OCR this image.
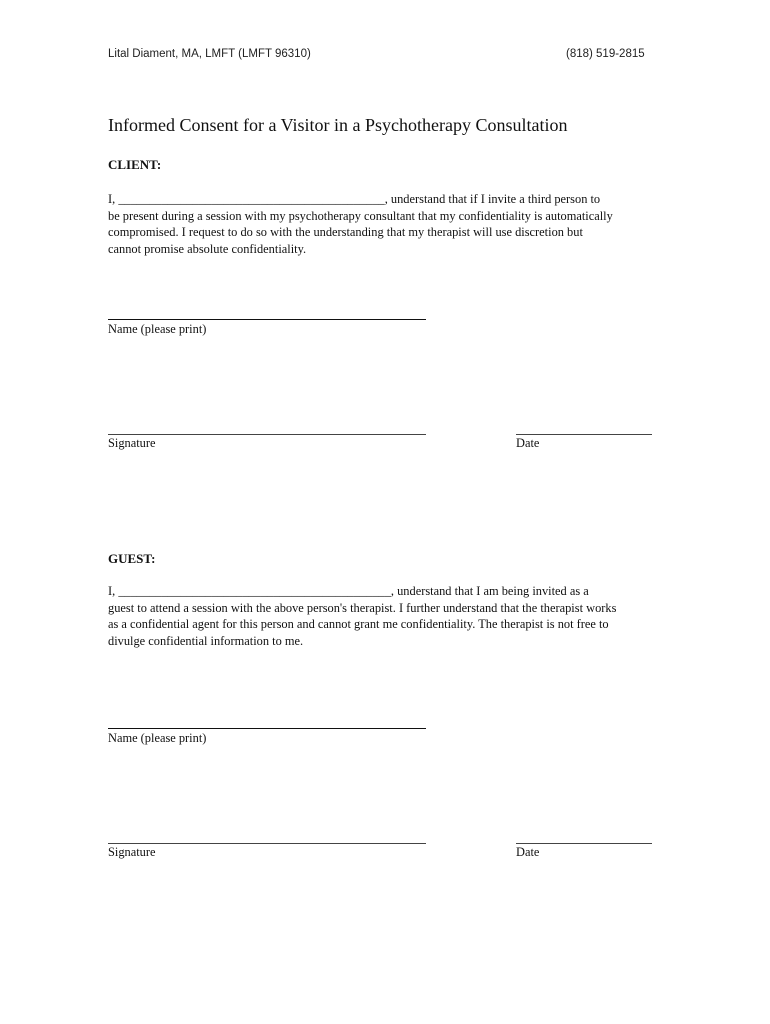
Lital Diament, MA, LMFT (LMFT 96310)	(818) 519-2815
Informed Consent for a Visitor in a Psychotherapy Consultation
CLIENT:
I, ___________________________________________, understand that if I invite a third person to
be present during a session with my psychotherapy consultant that my confidentiality is automatically
compromised. I request to do so with the understanding that my therapist will use discretion but
cannot promise absolute confidentiality.
Name (please print)
Signature	Date
GUEST:
I, ____________________________________________, understand that I am being invited as a
guest to attend a session with the above person's therapist. I further understand that the therapist works
as a confidential agent for this person and cannot grant me confidentiality. The therapist is not free to
divulge confidential information to me.
Name (please print)
Signature	Date
